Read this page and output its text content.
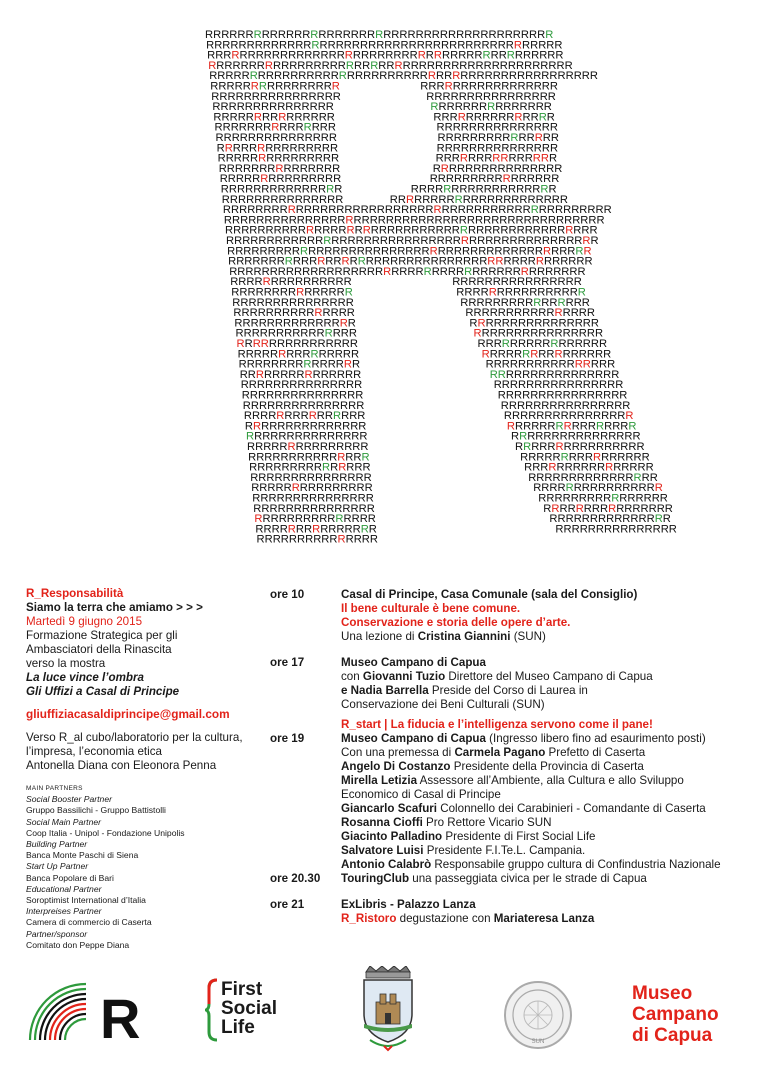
R R R R R R R R R R R R R R R R R R R R R R R R R R R R R R R R R R R R R R R R R R R
R R R R R R R R R R R R R R R R R R R R R R R R R R R R R R R R R R R R R R R R R R R R
R R R R R R R R R R R R R R R R R R R R R R R R R R R R R R R R R R R R R R R R R R R R
R R R R R R R R R R R R R R R R R R R R R R R R R R R R R R R R R R R R R R R R R R R R R
R R R R R R R R R R R R R R R R R R R R R R R R R R R R R R R R R R R R R R R R R R R R R R R R
R R R R R R R R R R R R R R R R	R R R R R R R R R R R R R R R R R
R R R R R R R R R R R R R R R R	R R R R R R R R R R R R R R R R
R R R R R R R R R R R R R R R	R R R R R R R R R R R R R R R
R R R R R R R R R R R R R R R	R R R R R R R R R R R R R R R
R R R R R R R R R R R R R R R	R R R R R R R R R R R R R R R
R R R R R R R R R R R R R R R	R R R R R R R R R R R R R R R
R R R R R R R R R R R R R R R	R R R R R R R R R R R R R R R
R R R R R R R R R R R R R R R	R R R R R R R R R R R R R R R
R R R R R R R R R R R R R R R	R R R R R R R R R R R R R R R R
R R R R R R R R R R R R R R R	R R R R R R R R R R R R R R R R
R R R R R R R R R R R R R R R	R R R R R R R R R R R R R R R R R R
R R R R R R R R R R R R R R R	R R R R R R R R R R R R R R R R R R R R R R
R R R R R R R R R R R R R R R R R R R R R R R R R R R R R R R R R R R R R R R R R R R R R R R R
R R R R R R R R R R R R R R R R R R R R R R R R R R R R R R R R R R R R R R R R R R R R R R R
R R R R R R R R R R R R R R R R R R R R R R R R R R R R R R R R R R R R R R R R R R R R R R
R R R R R R R R R R R R R R R R R R R R R R R R R R R R R R R R R R R R R R R R R R R R R R
R R R R R R R R R R R R R R R R R R R R R R R R R R R R R R R R R R R R R R R R R R R R R
R R R R R R R R R R R R R R R R R R R R R R R R R R R R R R R R R R R R R R R R R R R R R
R R R R R R R R R R R R R R R R R R R R R R R R R R R R R R R R R R R R R R R R R R R R
R R R R R R R R R R R R R R R	R R R R R R R R R R R R R R R R
R R R R R R R R R R R R R R R	R R R R R R R R R R R R R R R R
R R R R R R R R R R R R R R R	R R R R R R R R R R R R R R R R
R R R R R R R R R R R R R R R	R R R R R R R R R R R R R R R R
R R R R R R R R R R R R R R R	R R R R R R R R R R R R R R R R
R R R R R R R R R R R R R R R	R R R R R R R R R R R R R R R R
R R R R R R R R R R R R R R R	R R R R R R R R R R R R R R R R
R R R R R R R R R R R R R R R	R R R R R R R R R R R R R R R R
R R R R R R R R R R R R R R R	R R R R R R R R R R R R R R R R
R R R R R R R R R R R R R R R	R R R R R R R R R R R R R R R R
R R R R R R R R R R R R R R R	R R R R R R R R R R R R R R R R
R R R R R R R R R R R R R R R	R R R R R R R R R R R R R R R R
R R R R R R R R R R R R R R R	R R R R R R R R R R R R R R R R
R R R R R R R R R R R R R R R	R R R R R R R R R R R R R R R R
R R R R R R R R R R R R R R R	R R R R R R R R R R R R R R R R
R R R R R R R R R R R R R R R	R R R R R R R R R R R R R R R R
R R R R R R R R R R R R R R R	R R R R R R R R R R R R R R R R
R R R R R R R R R R R R R R R	R R R R R R R R R R R R R R R R
R R R R R R R R R R R R R R R	R R R R R R R R R R R R R R R R
R R R R R R R R R R R R R R R	R R R R R R R R R R R R R R R R
R R R R R R R R R R R R R R R	R R R R R R R R R R R R R R R R
R R R R R R R R R R R R R R R	R R R R R R R R R R R R R R R R
R R R R R R R R R R R R R R R	R R R R R R R R R R R R R R R R
R R R R R R R R R R R R R R R	R R R R R R R R R R R R R R R
R R R R R R R R R R R R R R R	R R R R R R R R R R R R R R R
R R R R R R R R R R R R R R R
R_Responsabilità
Siamo la terra che amiamo > > >
Martedì 9 giugno 2015
Formazione Strategica per gli
Ambasciatori della Rinascita
verso la mostra
La luce vince l’ombra
Gli Uffizi a Casal di Principe
gliuffiziacasaldiprincipe@gmail.com
Verso R_al cubo/laboratorio per la cultura,
l’impresa, l’economia etica
Antonella Diana con Eleonora Penna
MAIN PARTNERS
Social Booster Partner
Gruppo Bassilichi - Gruppo Battistolli
Social Main Partner
Coop Italia - Unipol - Fondazione Unipolis
Building Partner
Banca Monte Paschi di Siena
Start Up Partner
Banca Popolare di Bari
Educational Partner
Soroptimist International d’Italia
Interpreises Partner
Camera di commercio di Caserta
Partner/sponsor
Comitato don Peppe Diana
ore 10	Casal di Principe, Casa Comunale (sala del Consiglio)
Il bene culturale è bene comune.
Conservazione e storia delle opere d’arte.
Una lezione di Cristina Giannini (SUN)
ore 17	Museo Campano di Capua
con Giovanni Tuzio Direttore del Museo Campano di Capua
e Nadia Barrella Preside del Corso di Laurea in
Conservazione dei Beni Culturali (SUN)
R_start | La fiducia e l’intelligenza servono come il pane!
ore 19	Museo Campano di Capua (Ingresso libero fino ad esaurimento posti)
Con una premessa di Carmela Pagano Prefetto di Caserta
Angelo Di Costanzo Presidente della Provincia di Caserta
Mirella Letizia Assessore all’Ambiente, alla Cultura e allo Sviluppo
Economico di Casal di Principe
Giancarlo Scafuri Colonnello dei Carabinieri - Comandante di Caserta
Rosanna Cioffi Pro Rettore Vicario SUN
Giacinto Palladino Presidente di First Social Life
Salvatore Luisi Presidente F.I.Te.L. Campania.
Antonio Calabrò Responsabile gruppo cultura di Confindustria Nazionale
ore 20.30 TouringClub una passeggiata civica per le strade di Capua
ore 21	ExLibris - Palazzo Lanza
R_Ristoro degustazione con Mariateresa Lanza
R	First
Social
Life
SUN
Museo
Campano
di Capua
